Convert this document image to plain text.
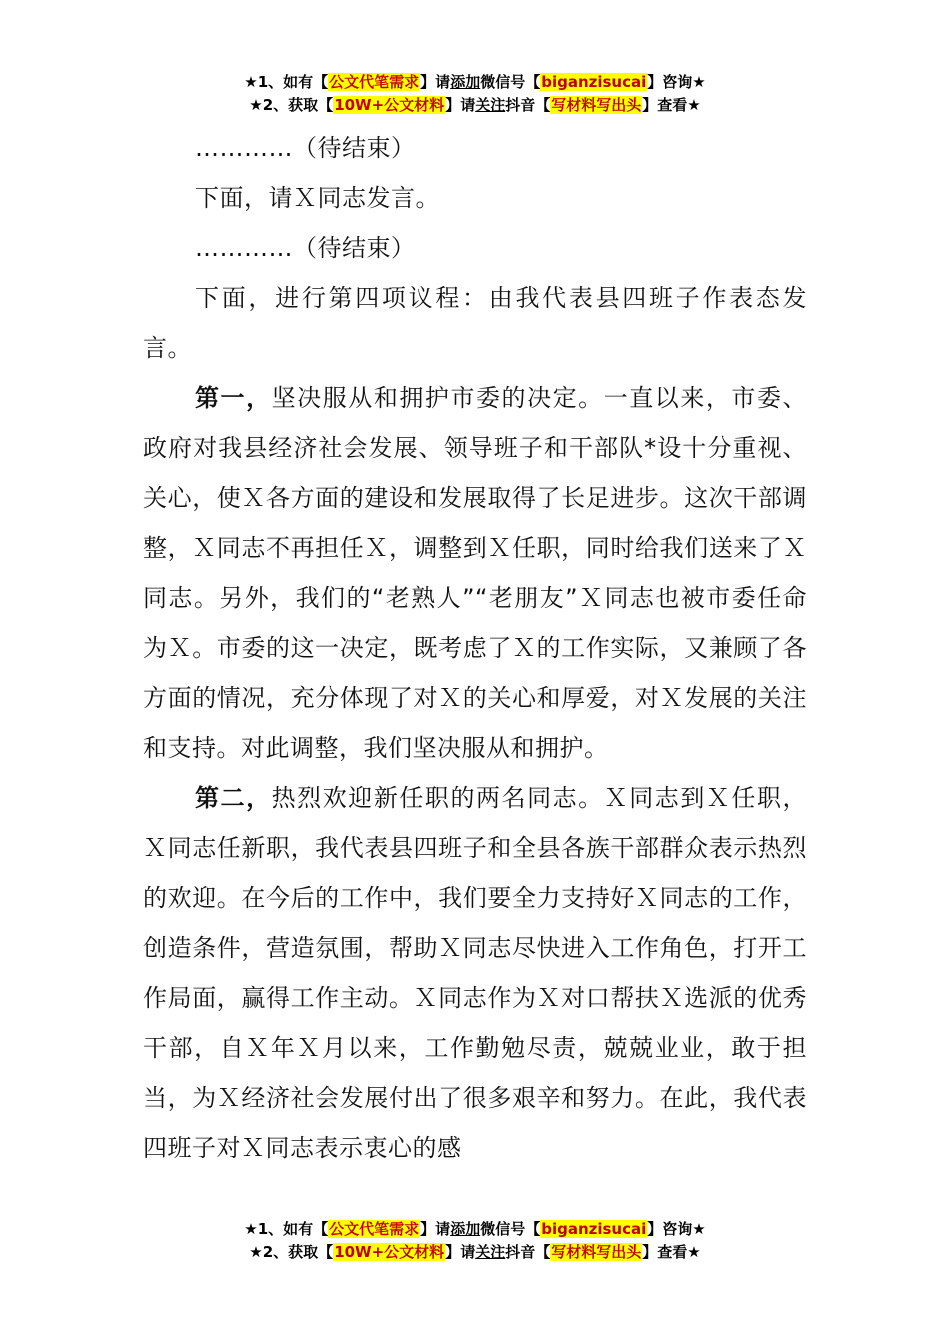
★1、如有【公文代笔需求】请添加微信号【biganzisucai】咨询★
★2、获取【10W+公文材料】请关注抖音【写材料写出头】查看★

…………（待结束）

下面，请Ｘ同志发言。

…………（待结束）

下面，进行第四项议程：由我代表县四班子作表态发言。

第一，坚决服从和拥护市委的决定。一直以来，市委、政府对我县经济社会发展、领导班子和干部队*设十分重视、关心，使Ｘ各方面的建设和发展取得了长足进步。这次干部调整，Ｘ同志不再担任Ｘ，调整到Ｘ任职，同时给我们送来了Ｘ同志。另外，我们的“老熟人”“老朋友”Ｘ同志也被市委任命为Ｘ。市委的这一决定，既考虑了Ｘ的工作实际，又兼顾了各方面的情况，充分体现了对Ｘ的关心和厚爱，对Ｘ发展的关注和支持。对此调整，我们坚决服从和拥护。

第二，热烈欢迎新任职的两名同志。Ｘ同志到Ｘ任职，Ｘ同志任新职，我代表县四班子和全县各族干部群众表示热烈的欢迎。在今后的工作中，我们要全力支持好Ｘ同志的工作，创造条件，营造氛围，帮助Ｘ同志尽快进入工作角色，打开工作局面，赢得工作主动。Ｘ同志作为Ｘ对口帮扶Ｘ选派的优秀干部，自Ｘ年Ｘ月以来，工作勤勉尽责，兢兢业业，敢于担当，为Ｘ经济社会发展付出了很多艰辛和努力。在此，我代表四班子对Ｘ同志表示衷心的感

★1、如有【公文代笔需求】请添加微信号【biganzisucai】咨询★
★2、获取【10W+公文材料】请关注抖音【写材料写出头】查看★
